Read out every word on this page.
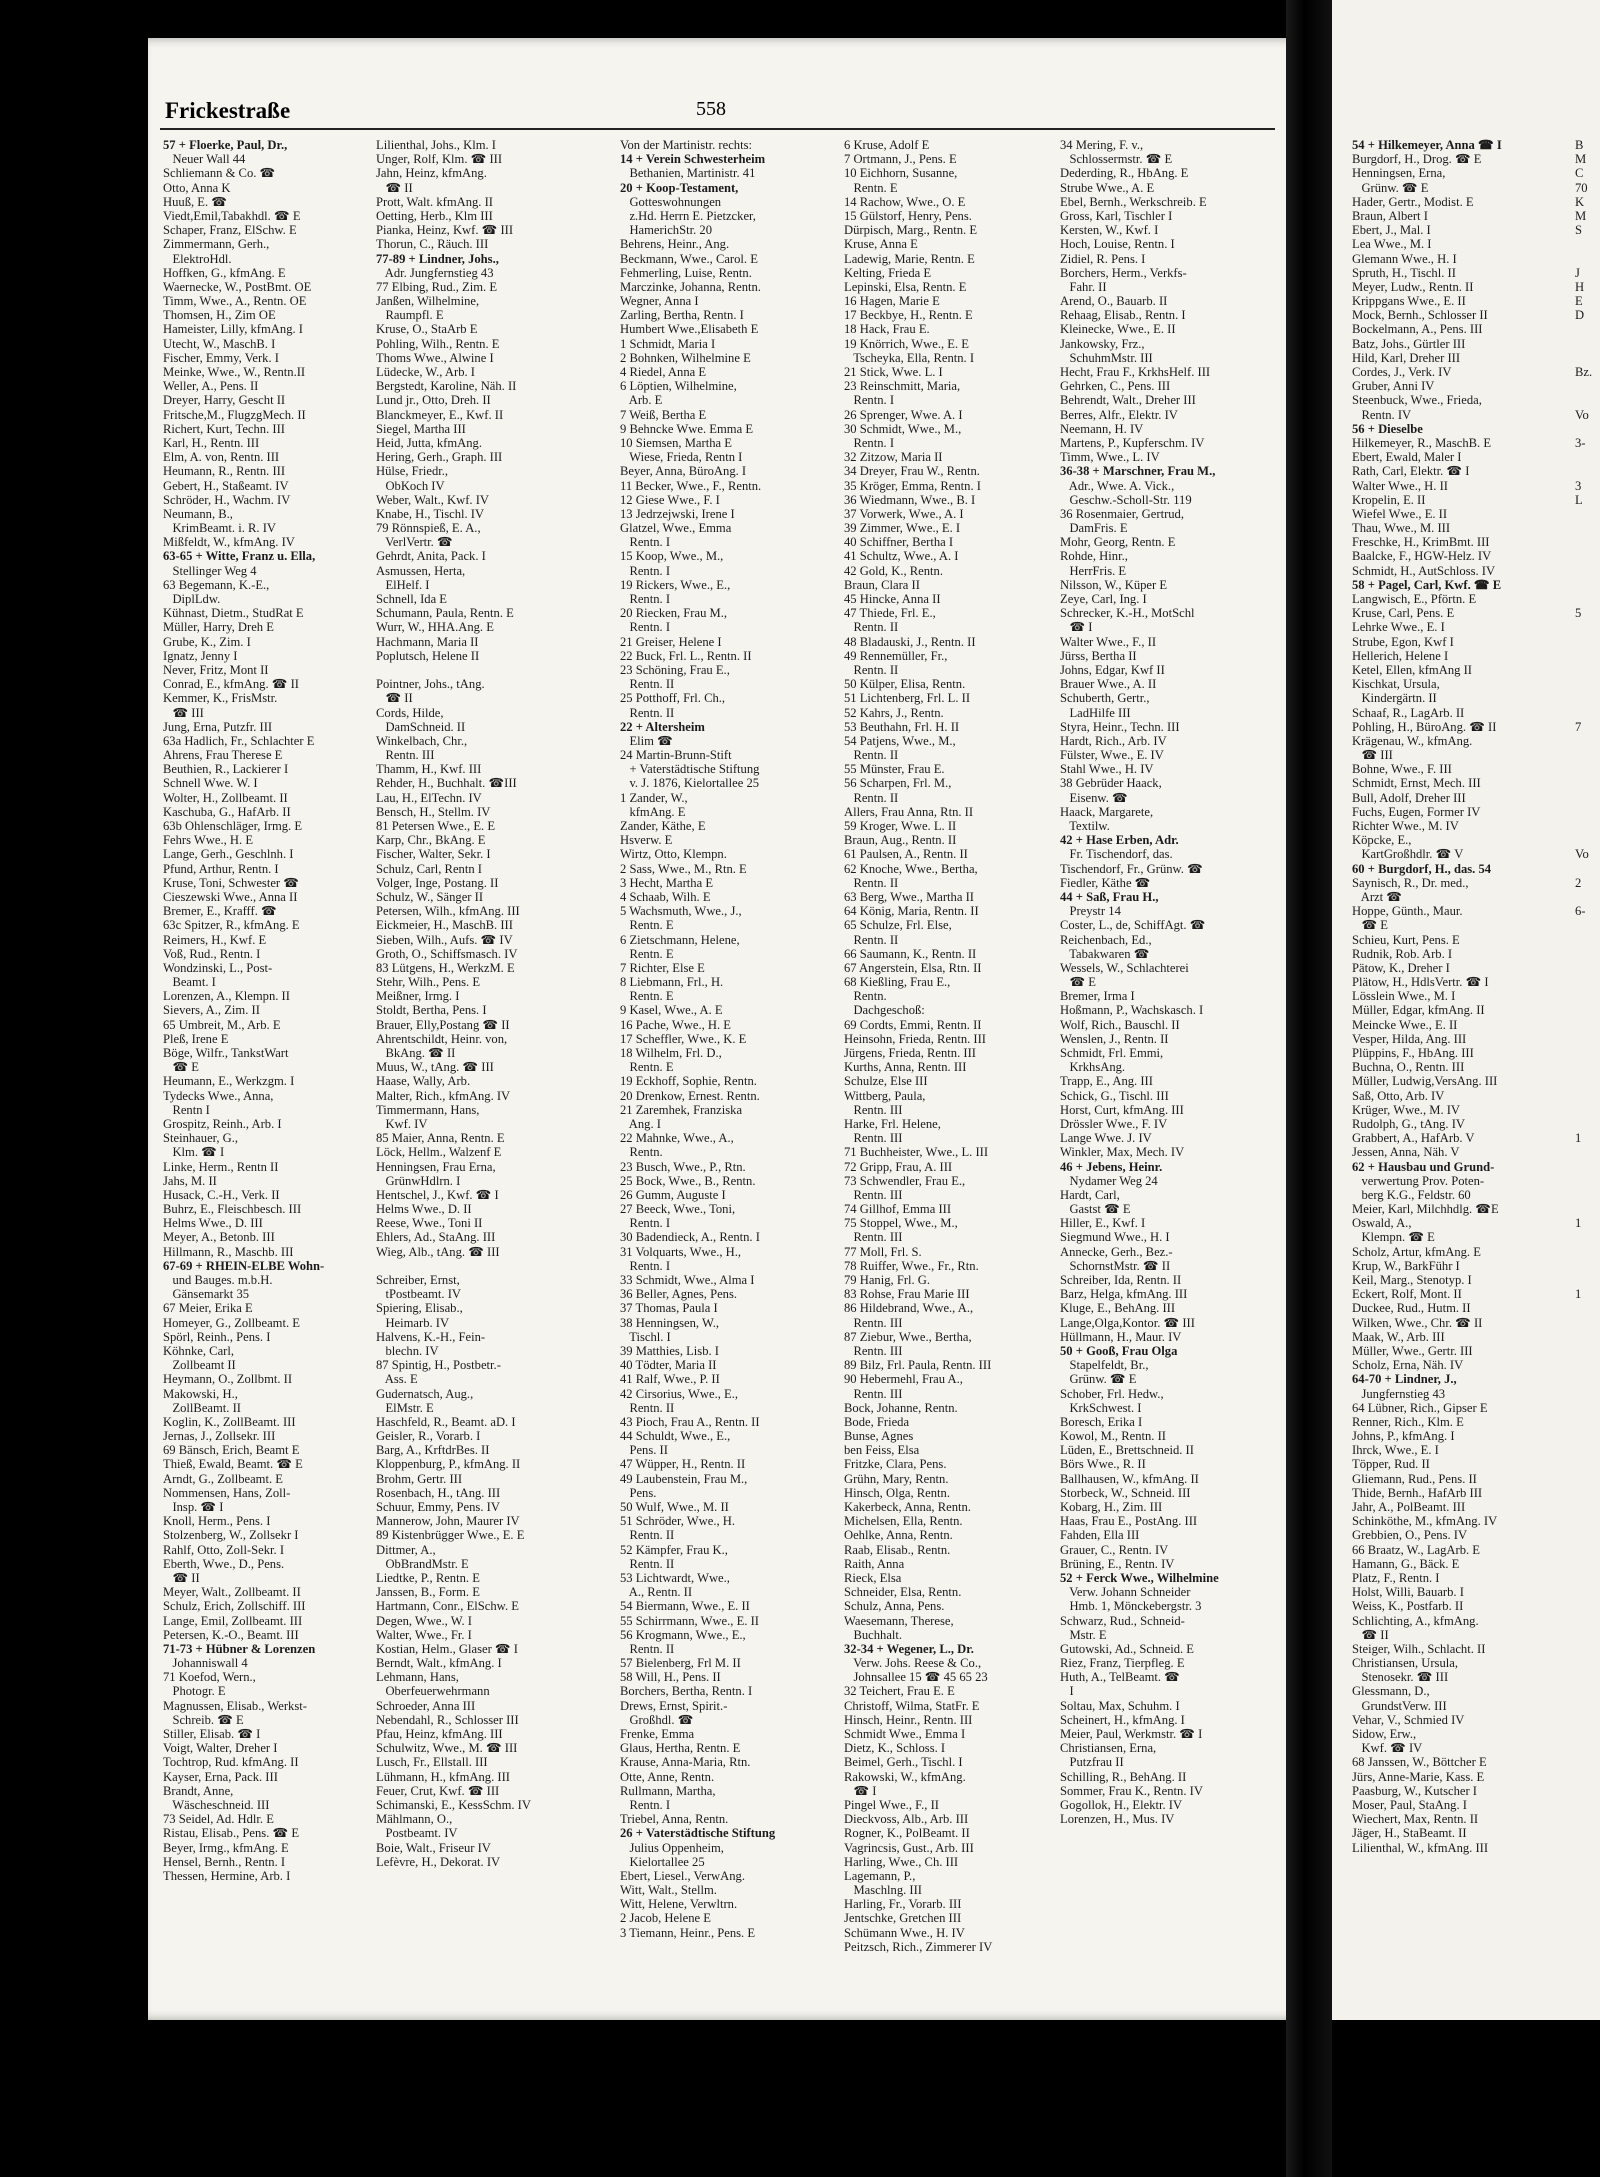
Frickestraße	558
57 + Floerke, Paul, Dr.,
Neuer Wall 44
Schliemann & Co. ☎
Otto, Anna K
Huuß, E. ☎
Viedt,Emil,Tabakhdl. ☎ E
Schaper, Franz, ElSchw. E
Zimmermann, Gerh.,
ElektroHdl.
Hoffken, G., kfmAng. E
Waernecke, W., PostBmt. OE
Timm, Wwe., A., Rentn. OE
Thomsen, H., Zim OE
Hameister, Lilly, kfmAng. I
Utecht, W., MaschB. I
Fischer, Emmy, Verk. I
Meinke, Wwe., W., Rentn.II
Weller, A., Pens. II
Dreyer, Harry, Gescht II
Fritsche,M., FlugzgMech. II
Richert, Kurt, Techn. III
Karl, H., Rentn. III
Elm, A. von, Rentn. III
Heumann, R., Rentn. III
Gebert, H., Staßeamt. IV
Schröder, H., Wachm. IV
Neumann, B.,
KrimBeamt. i. R. IV
Mißfeldt, W., kfmAng. IV
63-65 + Witte, Franz u. Ella,
Stellinger Weg 4
63 Begemann, K.-E.,
DiplLdw.
Kühnast, Dietm., StudRat E
Müller, Harry, Dreh E
Grube, K., Zim. I
Ignatz, Jenny I
Never, Fritz, Mont II
Conrad, E., kfmAng. ☎ II
Kemmer, K., FrisMstr.
☎ III
Jung, Erna, Putzfr. III
63a Hadlich, Fr., Schlachter E
Ahrens, Frau Therese E
Beuthien, R., Lackierer I
Schnell Wwe. W. I
Wolter, H., Zollbeamt. II
Kaschuba, G., HafArb. II
63b Ohlenschläger, Irmg. E
Fehrs Wwe., H. E
Lange, Gerh., Geschlnh. I
Pfund, Arthur, Rentn. I
Kruse, Toni, Schwester ☎
Cieszewski Wwe., Anna II
Bremer, E., Krafff. ☎
63c Spitzer, R., kfmAng. E
Reimers, H., Kwf. E
Voß, Rud., Rentn. I
Wondzinski, L., Post-
Beamt. I
Lorenzen, A., Klempn. II
Sievers, A., Zim. II
65 Umbreit, M., Arb. E
Pleß, Irene E
Böge, Wilfr., TankstWart
☎ E
Heumann, E., Werkzgm. I
Tydecks Wwe., Anna,
Rentn I
Grospitz, Reinh., Arb. I
Steinhauer, G.,
Klm. ☎ I
Linke, Herm., Rentn II
Jahs, M. II
Husack, C.-H., Verk. II
Buhrz, E., Fleischbesch. III
Helms Wwe., D. III
Meyer, A., Betonb. III
Hillmann, R., Maschb. III
67-69 + RHEIN-ELBE Wohn-
und Bauges. m.b.H.
Gänsemarkt 35
67 Meier, Erika E
Homeyer, G., Zollbeamt. E
Spörl, Reinh., Pens. I
Köhnke, Carl,
Zollbeamt II
Heymann, O., Zollbmt. II
Makowski, H.,
ZollBeamt. II
Koglin, K., ZollBeamt. III
Jernas, J., Zollsekr. III
69 Bänsch, Erich, Beamt E
Thieß, Ewald, Beamt. ☎ E
Arndt, G., Zollbeamt. E
Nommensen, Hans, Zoll-
Insp. ☎ I
Knoll, Herm., Pens. I
Stolzenberg, W., Zollsekr I
Rahlf, Otto, Zoll-Sekr. I
Eberth, Wwe., D., Pens.
☎ II
Meyer, Walt., Zollbeamt. II
Schulz, Erich, Zollschiff. III
Lange, Emil, Zollbeamt. III
Petersen, K.-O., Beamt. III
71-73 + Hübner & Lorenzen
Johanniswall 4
71 Koefod, Wern.,
Photogr. E
Magnussen, Elisab., Werkst-
Schreib. ☎ E
Stiller, Elisab. ☎ I
Voigt, Walter, Dreher I
Tochtrop, Rud. kfmAng. II
Kayser, Erna, Pack. III
Brandt, Anne,
Wäscheschneid. III
73 Seidel, Ad. Hdlr. E
Ristau, Elisab., Pens. ☎ E
Beyer, Irmg., kfmAng. E
Hensel, Bernh., Rentn. I
Thessen, Hermine, Arb. I
Lilienthal, Johs., Klm. I
Unger, Rolf, Klm. ☎ III
Jahn, Heinz, kfmAng.
☎ II
Prott, Walt. kfmAng. II
Oetting, Herb., Klm III
Pianka, Heinz, Kwf. ☎ III
Thorun, C., Räuch. III
77-89 + Lindner, Johs.,
Adr. Jungfernstieg 43
77 Elbing, Rud., Zim. E
Janßen, Wilhelmine,
Raumpfl. E
Kruse, O., StaArb E
Pohling, Wilh., Rentn. E
Thoms Wwe., Alwine I
Lüdecke, W., Arb. I
Bergstedt, Karoline, Näh. II
Lund jr., Otto, Dreh. II
Blanckmeyer, E., Kwf. II
Siegel, Martha III
Heid, Jutta, kfmAng.
Hering, Gerh., Graph. III
Hülse, Friedr.,
ObKoch IV
Weber, Walt., Kwf. IV
Knabe, H., Tischl. IV
79 Rönnspieß, E. A.,
VerlVertr. ☎
Gehrdt, Anita, Pack. I
Asmussen, Herta,
ElHelf. I
Schnell, Ida E
Schumann, Paula, Rentn. E
Wurr, W., HHA.Ang. E
Hachmann, Maria II
Poplutsch, Helene II
Pointner, Johs., tAng.
☎ II
Cords, Hilde,
DamSchneid. II
Winkelbach, Chr.,
Rentn. III
Thamm, H., Kwf. III
Rehder, H., Buchhalt. ☎III
Lau, H., ElTechn. IV
Bensch, H., Stellm. IV
81 Petersen Wwe., E. E
Karp, Chr., BkAng. E
Fischer, Walter, Sekr. I
Schulz, Carl, Rentn I
Volger, Inge, Postang. II
Schulz, W., Sänger II
Petersen, Wilh., kfmAng. III
Eickmeier, H., MaschB. III
Sieben, Wilh., Aufs. ☎ IV
Groth, O., Schiffsmasch. IV
83 Lütgens, H., WerkzM. E
Stehr, Wilh., Pens. E
Meißner, Irmg. I
Stoldt, Bertha, Pens. I
Brauer, Elly,Postang ☎ II
Ahrentschildt, Heinr. von,
BkAng. ☎ II
Muus, W., tAng. ☎ III
Haase, Wally, Arb.
Malter, Rich., kfmAng. IV
Timmermann, Hans,
Kwf. IV
85 Maier, Anna, Rentn. E
Löck, Hellm., Walzenf E
Henningsen, Frau Erna,
GrünwHdlrn. I
Hentschel, J., Kwf. ☎ I
Helms Wwe., D. II
Reese, Wwe., Toni II
Ehlers, Ad., StaAng. III
Wieg, Alb., tAng. ☎ III
Schreiber, Ernst,
tPostbeamt. IV
Spiering, Elisab.,
Heimarb. IV
Halvens, K.-H., Fein-
blechn. IV
87 Spintig, H., Postbetr.-
Ass. E
Gudernatsch, Aug.,
ElMstr. E
Haschfeld, R., Beamt. aD. I
Geisler, R., Vorarb. I
Barg, A., KrftdrBes. II
Kloppenburg, P., kfmAng. II
Brohm, Gertr. III
Rosenbach, H., tAng. III
Schuur, Emmy, Pens. IV
Mannerow, John, Maurer IV
89 Kistenbrügger Wwe., E. E
Dittmer, A.,
ObBrandMstr. E
Liedtke, P., Rentn. E
Janssen, B., Form. E
Hartmann, Conr., ElSchw. E
Degen, Wwe., W. I
Walter, Wwe., Fr. I
Kostian, Helm., Glaser ☎ I
Berndt, Walt., kfmAng. I
Lehmann, Hans,
Oberfeuerwehrmann
Schroeder, Anna III
Nebendahl, R., Schlosser III
Pfau, Heinz, kfmAng. III
Schulwitz, Wwe., M. ☎ III
Lusch, Fr., Ellstall. III
Lühmann, H., kfmAng. III
Feuer, Crut, Kwf. ☎ III
Schimanski, E., KessSchm. IV
Mählmann, O.,
Postbeamt. IV
Boie, Walt., Friseur IV
Lefèvre, H., Dekorat. IV
Von der Martinistr. rechts:
14 + Verein Schwesterheim
Bethanien, Martinistr. 41
20 + Koop-Testament,
Gotteswohnungen
z.Hd. Herrn E. Pietzcker,
HamerichStr. 20
Behrens, Heinr., Ang.
Beckmann, Wwe., Carol. E
Fehmerling, Luise, Rentn.
Marczinke, Johanna, Rentn.
Wegner, Anna I
Zarling, Bertha, Rentn. I
Humbert Wwe.,Elisabeth E
1 Schmidt, Maria I
2 Bohnken, Wilhelmine E
4 Riedel, Anna E
6 Löptien, Wilhelmine,
Arb. E
7 Weiß, Bertha E
9 Behncke Wwe. Emma E
10 Siemsen, Martha E
Wiese, Frieda, Rentn I
Beyer, Anna, BüroAng. I
11 Becker, Wwe., F., Rentn.
12 Giese Wwe., F. I
13 Jedrzejwski, Irene I
Glatzel, Wwe., Emma
Rentn. I
15 Koop, Wwe., M.,
Rentn. I
19 Rickers, Wwe., E.,
Rentn. I
20 Riecken, Frau M.,
Rentn. I
21 Greiser, Helene I
22 Buck, Frl. L., Rentn. II
23 Schöning, Frau E.,
Rentn. II
25 Potthoff, Frl. Ch.,
Rentn. II
22 + Altersheim
Elim ☎
24 Martin-Brunn-Stift
+ Vaterstädtische Stiftung
v. J. 1876, Kielortallee 25
1 Zander, W.,
kfmAng. E
Zander, Käthe, E
Hsverw. E
Wirtz, Otto, Klempn.
2 Sass, Wwe., M., Rtn. E
3 Hecht, Martha E
4 Schaab, Wilh. E
5 Wachsmuth, Wwe., J.,
Rentn. E
6 Zietschmann, Helene,
Rentn. E
7 Richter, Else E
8 Liebmann, Frl., H.
Rentn. E
9 Kasel, Wwe., A. E
16 Pache, Wwe., H. E
17 Scheffler, Wwe., K. E
18 Wilhelm, Frl. D.,
Rentn. E
19 Eckhoff, Sophie, Rentn.
20 Drenkow, Ernest. Rentn.
21 Zaremhek, Franziska
Ang. I
22 Mahnke, Wwe., A.,
Rentn.
23 Busch, Wwe., P., Rtn.
25 Bock, Wwe., B., Rentn.
26 Gumm, Auguste I
27 Beeck, Wwe., Toni,
Rentn. I
30 Badendieck, A., Rentn. I
31 Volquarts, Wwe., H.,
Rentn. I
33 Schmidt, Wwe., Alma I
36 Beller, Agnes, Pens.
37 Thomas, Paula I
38 Henningsen, W.,
Tischl. I
39 Matthies, Lisb. I
40 Tödter, Maria II
41 Ralf, Wwe., P. II
42 Cirsorius, Wwe., E.,
Rentn. II
43 Pioch, Frau A., Rentn. II
44 Schuldt, Wwe., E.,
Pens. II
47 Wüpper, H., Rentn. II
49 Laubenstein, Frau M.,
Pens.
50 Wulf, Wwe., M. II
51 Schröder, Wwe., H.
Rentn. II
52 Kämpfer, Frau K.,
Rentn. II
53 Lichtwardt, Wwe.,
A., Rentn. II
54 Biermann, Wwe., E. II
55 Schirrmann, Wwe., E. II
56 Krogmann, Wwe., E.,
Rentn. II
57 Bielenberg, Frl M. II
58 Will, H., Pens. II
Borchers, Bertha, Rentn. I
Drews, Ernst, Spirit.-
Großhdl. ☎
Frenke, Emma
Glaus, Hertha, Rentn. E
Krause, Anna-Maria, Rtn.
Otte, Anne, Rentn.
Rullmann, Martha,
Rentn. I
Triebel, Anna, Rentn.
26 + Vaterstädtische Stiftung
Julius Oppenheim,
Kielortallee 25
Ebert, Liesel., VerwAng.
Witt, Walt., Stellm.
Witt, Helene, Verwltrn.
2 Jacob, Helene E
3 Tiemann, Heinr., Pens. E
6 Kruse, Adolf E
7 Ortmann, J., Pens. E
10 Eichhorn, Susanne,
Rentn. E
14 Rachow, Wwe., O. E
15 Gülstorf, Henry, Pens.
Dürpisch, Marg., Rentn. E
Kruse, Anna E
Ladewig, Marie, Rentn. E
Kelting, Frieda E
Lepinski, Elsa, Rentn. E
16 Hagen, Marie E
17 Beckbye, H., Rentn. E
18 Hack, Frau E.
19 Knörrich, Wwe., E. E
Tscheyka, Ella, Rentn. I
21 Stick, Wwe. L. I
23 Reinschmitt, Maria,
Rentn. I
26 Sprenger, Wwe. A. I
30 Schmidt, Wwe., M.,
Rentn. I
32 Zitzow, Maria II
34 Dreyer, Frau W., Rentn.
35 Kröger, Emma, Rentn. I
36 Wiedmann, Wwe., B. I
37 Vorwerk, Wwe., A. I
39 Zimmer, Wwe., E. I
40 Schiffner, Bertha I
41 Schultz, Wwe., A. I
42 Gold, K., Rentn.
Braun, Clara II
45 Hincke, Anna II
47 Thiede, Frl. E.,
Rentn. II
48 Bladauski, J., Rentn. II
49 Rennemüller, Fr.,
Rentn. II
50 Külper, Elisa, Rentn.
51 Lichtenberg, Frl. L. II
52 Kahrs, J., Rentn.
53 Beuthahn, Frl. H. II
54 Patjens, Wwe., M.,
Rentn. II
55 Münster, Frau E.
56 Scharpen, Frl. M.,
Rentn. II
Allers, Frau Anna, Rtn. II
59 Kroger, Wwe. L. II
Braun, Aug., Rentn. II
61 Paulsen, A., Rentn. II
62 Knoche, Wwe., Bertha,
Rentn. II
63 Berg, Wwe., Martha II
64 König, Maria, Rentn. II
65 Schulze, Frl. Else,
Rentn. II
66 Saumann, K., Rentn. II
67 Angerstein, Elsa, Rtn. II
68 Kießling, Frau E.,
Rentn.
Dachgeschoß:
69 Cordts, Emmi, Rentn. II
Heinsohn, Frieda, Rentn. III
Jürgens, Frieda, Rentn. III
Kurths, Anna, Rentn. III
Schulze, Else III
Wittberg, Paula,
Rentn. III
Harke, Frl. Helene,
Rentn. III
71 Buchheister, Wwe., L. III
72 Gripp, Frau, A. III
73 Schwendler, Frau E.,
Rentn. III
74 Gillhof, Emma III
75 Stoppel, Wwe., M.,
Rentn. III
77 Moll, Frl. S.
78 Ruiffer, Wwe., Fr., Rtn.
79 Hanig, Frl. G.
83 Rohse, Frau Marie III
86 Hildebrand, Wwe., A.,
Rentn. III
87 Ziebur, Wwe., Bertha,
Rentn. III
89 Bilz, Frl. Paula, Rentn. III
90 Hebermehl, Frau A.,
Rentn. III
Bock, Johanne, Rentn.
Bode, Frieda
Bunse, Agnes
ben Feiss, Elsa
Fritzke, Clara, Pens.
Grühn, Mary, Rentn.
Hinsch, Olga, Rentn.
Kakerbeck, Anna, Rentn.
Michelsen, Ella, Rentn.
Oehlke, Anna, Rentn.
Raab, Elisab., Rentn.
Raith, Anna
Rieck, Elsa
Schneider, Elsa, Rentn.
Schulz, Anna, Pens.
Waesemann, Therese,
Buchhalt.
32-34 + Wegener, L., Dr.
Verw. Johs. Reese & Co.,
Johnsallee 15 ☎ 45 65 23
32 Teichert, Frau E. E
Christoff, Wilma, StatFr. E
Hinsch, Heinr., Rentn. III
Schmidt Wwe., Emma I
Dietz, K., Schloss. I
Beimel, Gerh., Tischl. I
Rakowski, W., kfmAng.
☎ I
Pingel Wwe., F., II
Dieckvoss, Alb., Arb. III
Rogner, K., PolBeamt. II
Vagrincsis, Gust., Arb. III
Harling, Wwe., Ch. III
Lagemann, P.,
Maschlng. III
Harling, Fr., Vorarb. III
Jentschke, Gretchen III
Schümann Wwe., H. IV
Peitzsch, Rich., Zimmerer IV
34 Mering, F. v.,
Schlossermstr. ☎ E
Dederding, R., HbAng. E
Strube Wwe., A. E
Ebel, Bernh., Werkschreib. E
Gross, Karl, Tischler I
Kersten, W., Kwf. I
Hoch, Louise, Rentn. I
Zidiel, R. Pens. I
Borchers, Herm., Verkfs-
Fahr. II
Arend, O., Bauarb. II
Rehaag, Elisab., Rentn. I
Kleinecke, Wwe., E. II
Jankowsky, Frz.,
SchuhmMstr. III
Hecht, Frau F., KrkhsHelf. III
Gehrken, C., Pens. III
Behrendt, Walt., Dreher III
Berres, Alfr., Elektr. IV
Neemann, H. IV
Martens, P., Kupferschm. IV
Timm, Wwe., L. IV
36-38 + Marschner, Frau M.,
Adr., Wwe. A. Vick.,
Geschw.-Scholl-Str. 119
36 Rosenmaier, Gertrud,
DamFris. E
Mohr, Georg, Rentn. E
Rohde, Hinr.,
HerrFris. E
Nilsson, W., Küper E
Zeye, Carl, Ing. I
Schrecker, K.-H., MotSchl
☎ I
Walter Wwe., F., II
Jürss, Bertha II
Johns, Edgar, Kwf II
Brauer Wwe., A. II
Schuberth, Gertr.,
LadHilfe III
Styra, Heinr., Techn. III
Hardt, Rich., Arb. IV
Fülster, Wwe., E. IV
Stahl Wwe., H. IV
38 Gebrüder Haack,
Eisenw. ☎
Haack, Margarete,
Textilw.
42 + Hase Erben, Adr.
Fr. Tischendorf, das.
Tischendorf, Fr., Grünw. ☎
Fiedler, Käthe ☎
44 + Saß, Frau H.,
Preystr 14
Coster, L., de, SchiffAgt. ☎
Reichenbach, Ed.,
Tabakwaren ☎
Wessels, W., Schlachterei
☎ E
Bremer, Irma I
Hoßmann, P., Wachskasch. I
Wolf, Rich., Bauschl. II
Wenslen, J., Rentn. II
Schmidt, Frl. Emmi,
KrkhsAng.
Trapp, E., Ang. III
Schick, G., Tischl. III
Horst, Curt, kfmAng. III
Drössler Wwe., F. IV
Lange Wwe. J. IV
Winkler, Max, Mech. IV
46 + Jebens, Heinr.
Nydamer Weg 24
Hardt, Carl,
Gastst ☎ E
Hiller, E., Kwf. I
Siegmund Wwe., H. I
Annecke, Gerh., Bez.-
SchornstMstr. ☎ II
Schreiber, Ida, Rentn. II
Barz, Helga, kfmAng. III
Kluge, E., BehAng. III
Lange,Olga,Kontor. ☎ III
Hüllmann, H., Maur. IV
50 + Gooß, Frau Olga
Stapelfeldt, Br.,
Grünw. ☎ E
Schober, Frl. Hedw.,
KrkSchwest. I
Boresch, Erika I
Kowol, M., Rentn. II
Lüden, E., Brettschneid. II
Börs Wwe., R. II
Ballhausen, W., kfmAng. II
Storbeck, W., Schneid. III
Kobarg, H., Zim. III
Haas, Frau E., PostAng. III
Fahden, Ella III
Grauer, C., Rentn. IV
Brüning, E., Rentn. IV
52 + Ferck Wwe., Wilhelmine
Verw. Johann Schneider
Hmb. 1, Mönckebergstr. 3
Schwarz, Rud., Schneid-
Mstr. E
Gutowski, Ad., Schneid. E
Riez, Franz, Tierpfleg. E
Huth, A., TelBeamt. ☎
I
Soltau, Max, Schuhm. I
Scheinert, H., kfmAng. I
Meier, Paul, Werkmstr. ☎ I
Christiansen, Erna,
Putzfrau II
Schilling, R., BehAng. II
Sommer, Frau K., Rentn. IV
Gogollok, H., Elektr. IV
Lorenzen, H., Mus. IV
54 + Hilkemeyer, Anna ☎ I
Burgdorf, H., Drog. ☎ E
Henningsen, Erna,
Grünw. ☎ E
Hader, Gertr., Modist. E
Braun, Albert I
Ebert, J., Mal. I
Lea Wwe., M. I
Glemann Wwe., H. I
Spruth, H., Tischl. II
Meyer, Ludw., Rentn. II
Krippgans Wwe., E. II
Mock, Bernh., Schlosser II
Bockelmann, A., Pens. III
Batz, Johs., Gürtler III
Hild, Karl, Dreher III
Cordes, J., Verk. IV
Gruber, Anni IV
Steenbuck, Wwe., Frieda,
Rentn. IV
56 + Dieselbe
Hilkemeyer, R., MaschB. E
Ebert, Ewald, Maler I
Rath, Carl, Elektr. ☎ I
Walter Wwe., H. II
Kropelin, E. II
Wiefel Wwe., E. II
Thau, Wwe., M. III
Freschke, H., KrimBmt. III
Baalcke, F., HGW-Helz. IV
Schmidt, H., AutSchloss. IV
58 + Pagel, Carl, Kwf. ☎ E
Langwisch, E., Pförtn. E
Kruse, Carl, Pens. E
Lehrke Wwe., E. I
Strube, Egon, Kwf I
Hellerich, Helene I
Ketel, Ellen, kfmAng II
Kischkat, Ursula,
Kindergärtn. II
Schaaf, R., LagArb. II
Pohling, H., BüroAng. ☎ II
Krägenau, W., kfmAng.
☎ III
Bohne, Wwe., F. III
Schmidt, Ernst, Mech. III
Bull, Adolf, Dreher III
Fuchs, Eugen, Former IV
Richter Wwe., M. IV
Köpcke, E.,
KartGroßhdlr. ☎ V
60 + Burgdorf, H., das. 54
Saynisch, R., Dr. med.,
Arzt ☎
Hoppe, Günth., Maur.
☎ E
Schieu, Kurt, Pens. E
Rudnik, Rob. Arb. I
Pätow, K., Dreher I
Plätow, H., HdlsVertr. ☎ I
Lösslein Wwe., M. I
Müller, Edgar, kfmAng. II
Meincke Wwe., E. II
Vesper, Hilda, Ang. III
Plüppins, F., HbAng. III
Buchna, O., Rentn. III
Müller, Ludwig,VersAng. III
Saß, Otto, Arb. IV
Krüger, Wwe., M. IV
Rudolph, G., tAng. IV
Grabbert, A., HafArb. V
Jessen, Anna, Näh. V
62 + Hausbau und Grund-
verwertung Prov. Poten-
berg K.G., Feldstr. 60
Meier, Karl, Milchhdlg. ☎E
Oswald, A.,
Klempn. ☎ E
Scholz, Artur, kfmAng. E
Krup, W., BarkFühr I
Keil, Marg., Stenotyp. I
Eckert, Rolf, Mont. II
Duckee, Rud., Hutm. II
Wilken, Wwe., Chr. ☎ II
Maak, W., Arb. III
Müller, Wwe., Gertr. III
Scholz, Erna, Näh. IV
64-70 + Lindner, J.,
Jungfernstieg 43
64 Lübner, Rich., Gipser E
Renner, Rich., Klm. E
Johns, P., kfmAng. I
Ihrck, Wwe., E. I
Töpper, Rud. II
Gliemann, Rud., Pens. II
Thide, Bernh., HafArb III
Jahr, A., PolBeamt. III
Schinköthe, M., kfmAng. IV
Grebbien, O., Pens. IV
66 Braatz, W., LagArb. E
Hamann, G., Bäck. E
Platz, F., Rentn. I
Holst, Willi, Bauarb. I
Weiss, K., Postfarb. II
Schlichting, A., kfmAng.
☎ II
Steiger, Wilh., Schlacht. II
Christiansen, Ursula,
Stenosekr. ☎ III
Glessmann, D.,
GrundstVerw. III
Vehar, V., Schmied IV
Sidow, Erw.,
Kwf. ☎ IV
68 Janssen, W., Böttcher E
Jürs, Anne-Marie, Kass. E
Paasburg, W., Kutscher I
Moser, Paul, StaAng. I
Wiechert, Max, Rentn. II
Jäger, H., StaBeamt. II
Lilienthal, W., kfmAng. III
B
M
C
70
K
M
S
J
H
E
D
Bz.
Vo
3-
3
L
5
7
Vo
2
6-
1
1
1
